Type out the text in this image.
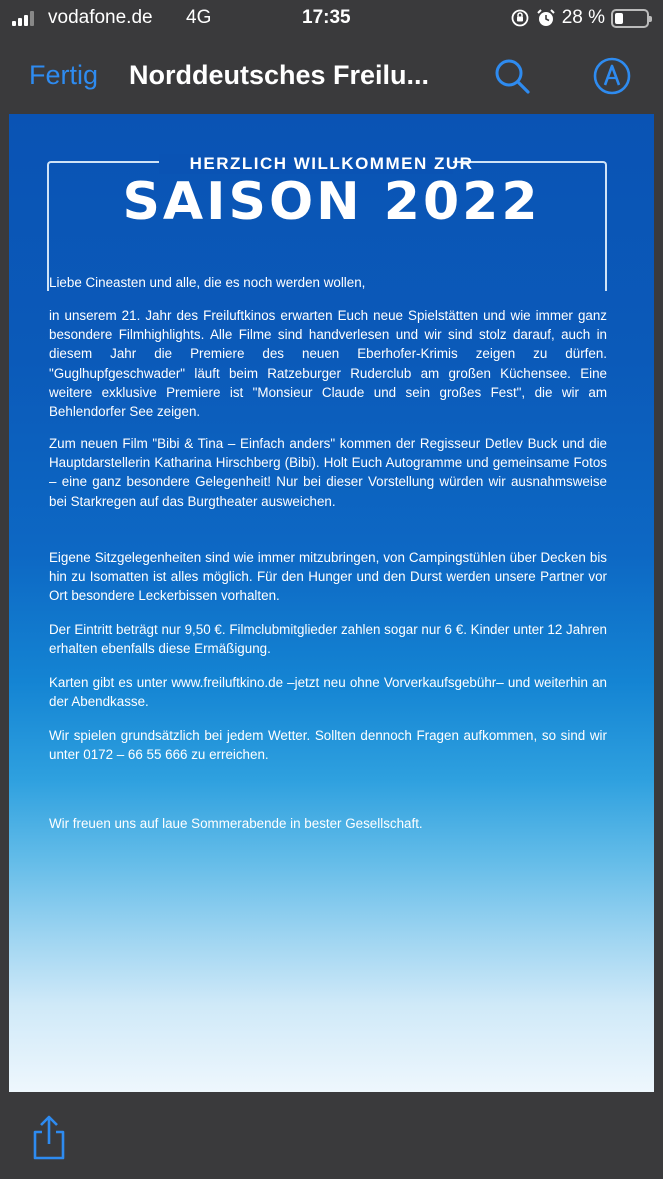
vodafone.de 4G	17:35	28 %
Fertig Norddeutsches Freilu...
HERZLICH WILLKOMMEN ZUR
SAISON 2022

Liebe Cineasten und alle, die es noch werden wollen,

in unserem 21. Jahr des Freiluftkinos erwarten Euch neue Spielstätten und wie immer ganz besondere Filmhighlights. Alle Filme sind handverlesen und wir sind stolz darauf, auch in diesem Jahr die Premiere des neuen Eberhofer-Krimis zeigen zu dürfen. "Guglhupfgeschwader" läuft beim Ratzeburger Ruderclub am großen Küchensee. Eine weitere exklusive Premiere ist "Monsieur Claude und sein großes Fest", die wir am Behlendorfer See zeigen.

Zum neuen Film "Bibi & Tina – Einfach anders" kommen der Regisseur Detlev Buck und die Hauptdarstellerin Katharina Hirschberg (Bibi). Holt Euch Autogramme und gemeinsame Fotos – eine ganz besondere Gelegenheit! Nur bei dieser Vorstellung würden wir ausnahmsweise bei Starkregen auf das Burgtheater ausweichen.

Eigene Sitzgelegenheiten sind wie immer mitzubringen, von Campingstühlen über Decken bis hin zu Isomatten ist alles möglich. Für den Hunger und den Durst werden unsere Partner vor Ort besondere Leckerbissen vorhalten.

Der Eintritt beträgt nur 9,50 €. Filmclubmitglieder zahlen sogar nur 6 €. Kinder unter 12 Jahren erhalten ebenfalls diese Ermäßigung.

Karten gibt es unter www.freiluftkino.de –jetzt neu ohne Vorverkaufsgebühr– und weiterhin an der Abendkasse.

Wir spielen grundsätzlich bei jedem Wetter. Sollten dennoch Fragen aufkommen, so sind wir unter 0172 – 66 55 666 zu erreichen.

Wir freuen uns auf laue Sommerabende in bester Gesellschaft.
